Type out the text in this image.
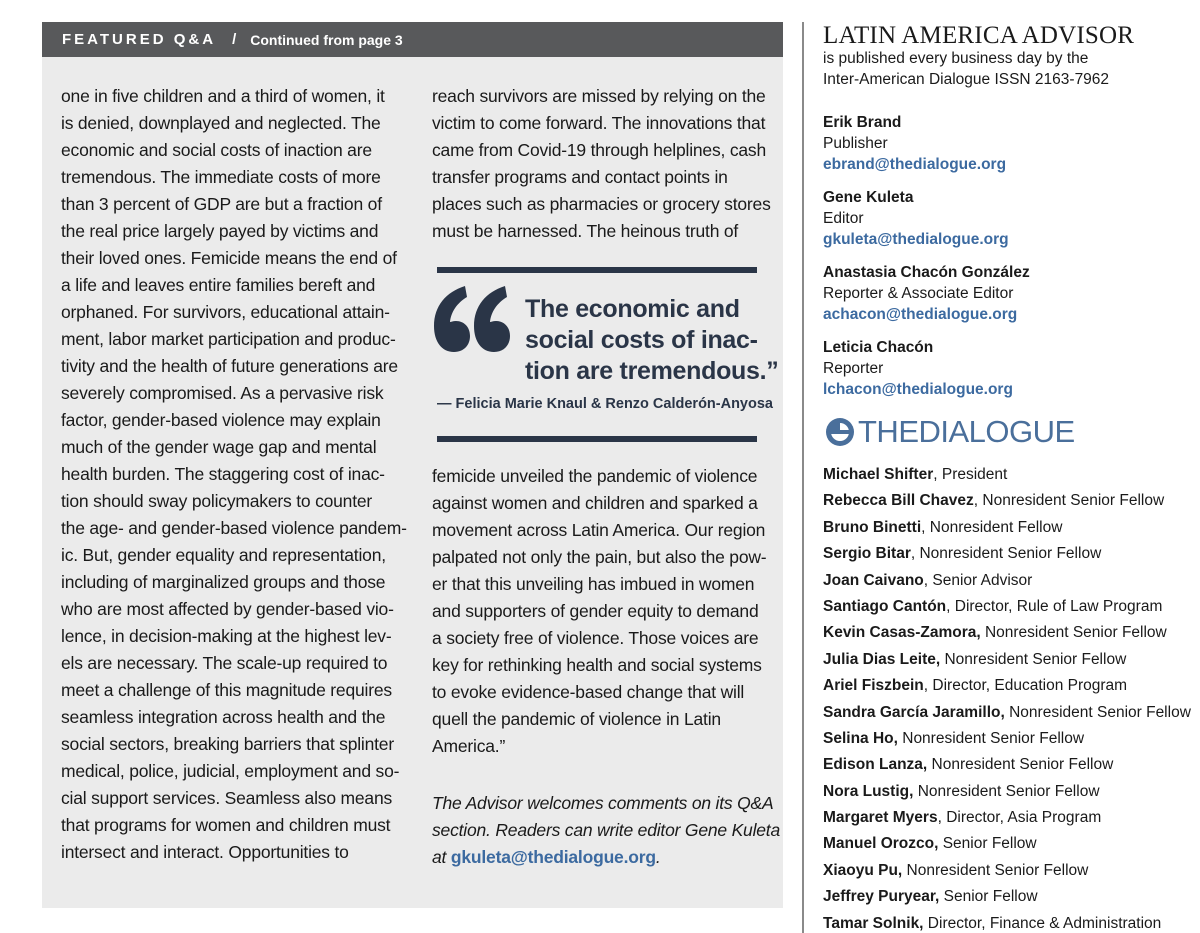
FEATURED Q&A / Continued from page 3
one in five children and a third of women, it
is denied, downplayed and neglected. The
economic and social costs of inaction are
tremendous. The immediate costs of more
than 3 percent of GDP are but a fraction of
the real price largely payed by victims and
their loved ones. Femicide means the end of
a life and leaves entire families bereft and
orphaned. For survivors, educational attain-
ment, labor market participation and produc-
tivity and the health of future generations are
severely compromised. As a pervasive risk
factor, gender-based violence may explain
much of the gender wage gap and mental
health burden. The staggering cost of inac-
tion should sway policymakers to counter
the age- and gender-based violence pandem-
ic. But, gender equality and representation,
including of marginalized groups and those
who are most affected by gender-based vio-
lence, in decision-making at the highest lev-
els are necessary. The scale-up required to
meet a challenge of this magnitude requires
seamless integration across health and the
social sectors, breaking barriers that splinter
medical, police, judicial, employment and so-
cial support services. Seamless also means
that programs for women and children must
intersect and interact. Opportunities to
reach survivors are missed by relying on the
victim to come forward. The innovations that
came from Covid-19 through helplines, cash
transfer programs and contact points in
places such as pharmacies or grocery stores
must be harnessed. The heinous truth of
The economic and
social costs of inac-
tion are tremendous.”
— Felicia Marie Knaul & Renzo Calderón-Anyosa
femicide unveiled the pandemic of violence
against women and children and sparked a
movement across Latin America. Our region
palpated not only the pain, but also the pow-
er that this unveiling has imbued in women
and supporters of gender equity to demand
a society free of violence. Those voices are
key for rethinking health and social systems
to evoke evidence-based change that will
quell the pandemic of violence in Latin
America.”
The Advisor welcomes comments on its Q&A
section. Readers can write editor Gene Kuleta
at gkuleta@thedialogue.org.
LATIN AMERICA ADVISOR
is published every business day by the
Inter-American Dialogue ISSN 2163-7962
Erik Brand
Publisher
ebrand@thedialogue.org
Gene Kuleta
Editor
gkuleta@thedialogue.org
Anastasia Chacón González
Reporter & Associate Editor
achacon@thedialogue.org
Leticia Chacón
Reporter
lchacon@thedialogue.org
THEDIALOGUE
Michael Shifter, President
Rebecca Bill Chavez, Nonresident Senior Fellow
Bruno Binetti, Nonresident Fellow
Sergio Bitar, Nonresident Senior Fellow
Joan Caivano, Senior Advisor
Santiago Cantón, Director, Rule of Law Program
Kevin Casas-Zamora, Nonresident Senior Fellow
Julia Dias Leite, Nonresident Senior Fellow
Ariel Fiszbein, Director, Education Program
Sandra García Jaramillo, Nonresident Senior Fellow
Selina Ho, Nonresident Senior Fellow
Edison Lanza, Nonresident Senior Fellow
Nora Lustig, Nonresident Senior Fellow
Margaret Myers, Director, Asia Program
Manuel Orozco, Senior Fellow
Xiaoyu Pu, Nonresident Senior Fellow
Jeffrey Puryear, Senior Fellow
Tamar Solnik, Director, Finance & Administration
